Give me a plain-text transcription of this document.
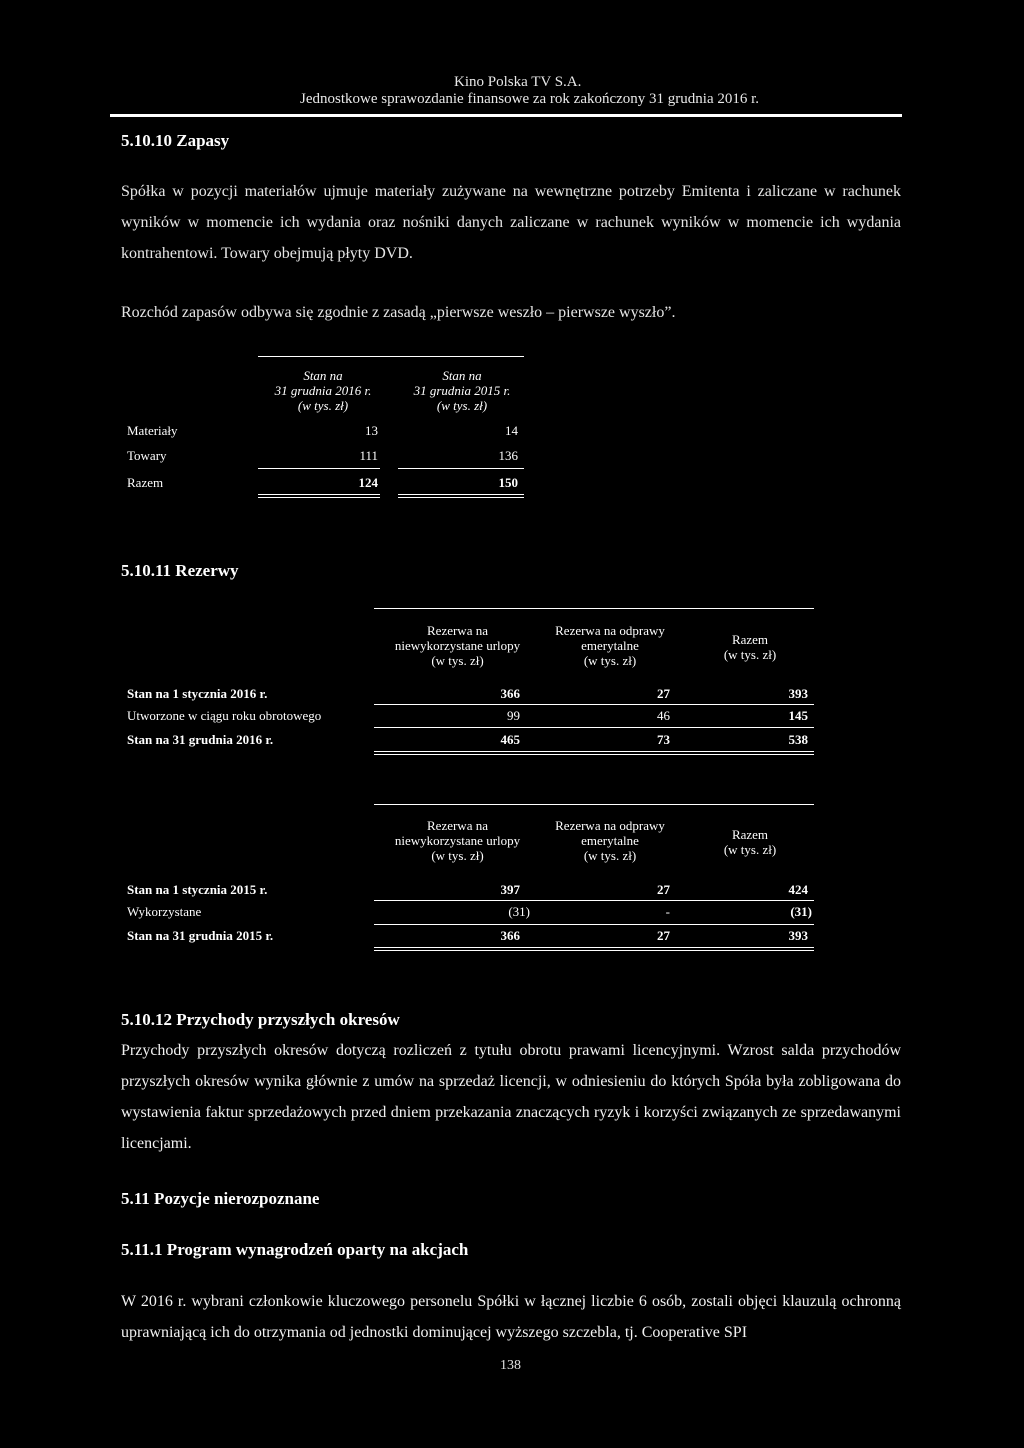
Kino Polska TV S.A.
Jednostkowe sprawozdanie finansowe za rok zakończony 31 grudnia 2016 r.
5.10.10 Zapasy
Spółka w pozycji materiałów ujmuje materiały zużywane na wewnętrzne potrzeby Emitenta i zaliczane w rachunek wyników w momencie ich wydania oraz nośniki danych zaliczane w rachunek wyników w momencie ich wydania kontrahentowi. Towary obejmują płyty DVD.
Rozchód zapasów odbywa się zgodnie z zasadą „pierwsze weszło – pierwsze wyszło”.
Stan na
31 grudnia 2016 r.
(w tys. zł)
Stan na
31 grudnia 2015 r.
(w tys. zł)
Materiały	13	14
Towary	111	136
Razem	124	150
5.10.11 Rezerwy
Rezerwa na
niewykorzystane urlopy
(w tys. zł)
Rezerwa na odprawy
emerytalne
(w tys. zł)
Razem
(w tys. zł)
Stan na 1 stycznia 2016 r.	366	27	393
Utworzone w ciągu roku obrotowego	99	46	145
Stan na 31 grudnia 2016 r.	465	73	538
Rezerwa na
niewykorzystane urlopy
(w tys. zł)
Rezerwa na odprawy
emerytalne
(w tys. zł)
Razem
(w tys. zł)
Stan na 1 stycznia 2015 r.	397	27	424
Wykorzystane	(31)	-	(31)
Stan na 31 grudnia 2015 r.	366	27	393
5.10.12 Przychody przyszłych okresów
Przychody przyszłych okresów dotyczą rozliczeń z tytułu obrotu prawami licencyjnymi. Wzrost salda przychodów przyszłych okresów wynika głównie z umów na sprzedaż licencji, w odniesieniu do których Spóła była zobligowana do wystawienia faktur sprzedażowych przed dniem przekazania znaczących ryzyk i korzyści związanych ze sprzedawanymi licencjami.
5.11 Pozycje nierozpoznane
5.11.1 Program wynagrodzeń oparty na akcjach
W 2016 r. wybrani członkowie kluczowego personelu Spółki w łącznej liczbie 6 osób, zostali objęci klauzulą ochronną uprawniającą ich do otrzymania od jednostki dominującej wyższego szczebla, tj. Cooperative SPI
138
